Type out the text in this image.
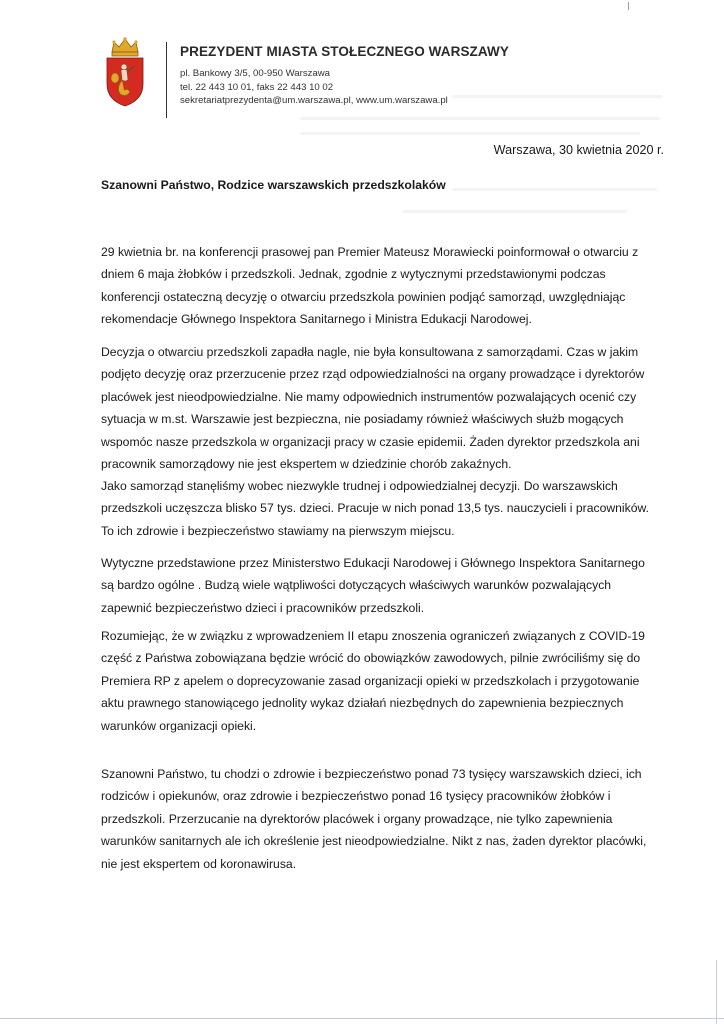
PREZYDENT MIASTA STOŁECZNEGO WARSZAWY
pl. Bankowy 3/5, 00-950 Warszawa
tel. 22 443 10 01, faks 22 443 10 02
sekretariatprezydenta@um.warszawa.pl, www.um.warszawa.pl
Warszawa, 30 kwietnia 2020 r.
Szanowni Państwo, Rodzice warszawskich przedszkolaków

29 kwietnia br. na konferencji prasowej pan Premier Mateusz Morawiecki poinformował o otwarciu z dniem 6 maja żłobków i przedszkoli. Jednak, zgodnie z wytycznymi przedstawionymi podczas konferencji ostateczną decyzję o otwarciu przedszkola powinien podjąć samorząd, uwzględniając rekomendacje Głównego Inspektora Sanitarnego i Ministra Edukacji Narodowej.

Decyzja o otwarciu przedszkoli zapadła nagle, nie była konsultowana z samorządami. Czas w jakim podjęto decyzję oraz przerzucenie przez rząd odpowiedzialności na organy prowadzące i dyrektorów placówek jest nieodpowiedzialne. Nie mamy odpowiednich instrumentów pozwalających ocenić czy sytuacja w m.st. Warszawie jest bezpieczna, nie posiadamy również właściwych służb mogących wspomóc nasze przedszkola w organizacji pracy w czasie epidemii. Żaden dyrektor przedszkola ani pracownik samorządowy nie jest ekspertem w dziedzinie chorób zakaźnych.

Jako samorząd stanęliśmy wobec niezwykle trudnej i odpowiedzialnej decyzji. Do warszawskich przedszkoli uczęszcza blisko 57 tys. dzieci. Pracuje w nich ponad 13,5 tys. nauczycieli i pracowników. To ich zdrowie i bezpieczeństwo stawiamy na pierwszym miejscu.

Wytyczne przedstawione przez Ministerstwo Edukacji Narodowej i Głównego Inspektora Sanitarnego są bardzo ogólne . Budzą wiele wątpliwości dotyczących właściwych warunków pozwalających zapewnić bezpieczeństwo dzieci i pracowników przedszkoli.

Rozumiejąc, że w związku z wprowadzeniem II etapu znoszenia ograniczeń związanych z COVID-19 część z Państwa zobowiązana będzie wrócić do obowiązków zawodowych, pilnie zwróciliśmy się do Premiera RP z apelem o doprecyzowanie zasad organizacji opieki w przedszkolach i przygotowanie aktu prawnego stanowiącego jednolity wykaz działań niezbędnych do zapewnienia bezpiecznych warunków organizacji opieki.

Szanowni Państwo, tu chodzi o zdrowie i bezpieczeństwo ponad 73 tysięcy warszawskich dzieci, ich rodziców i opiekunów, oraz zdrowie i bezpieczeństwo ponad 16 tysięcy pracowników żłobków i przedszkoli. Przerzucanie na dyrektorów placówek i organy prowadzące, nie tylko zapewnienia warunków sanitarnych ale ich określenie jest nieodpowiedzialne. Nikt z nas, żaden dyrektor placówki, nie jest ekspertem od koronawirusa.
